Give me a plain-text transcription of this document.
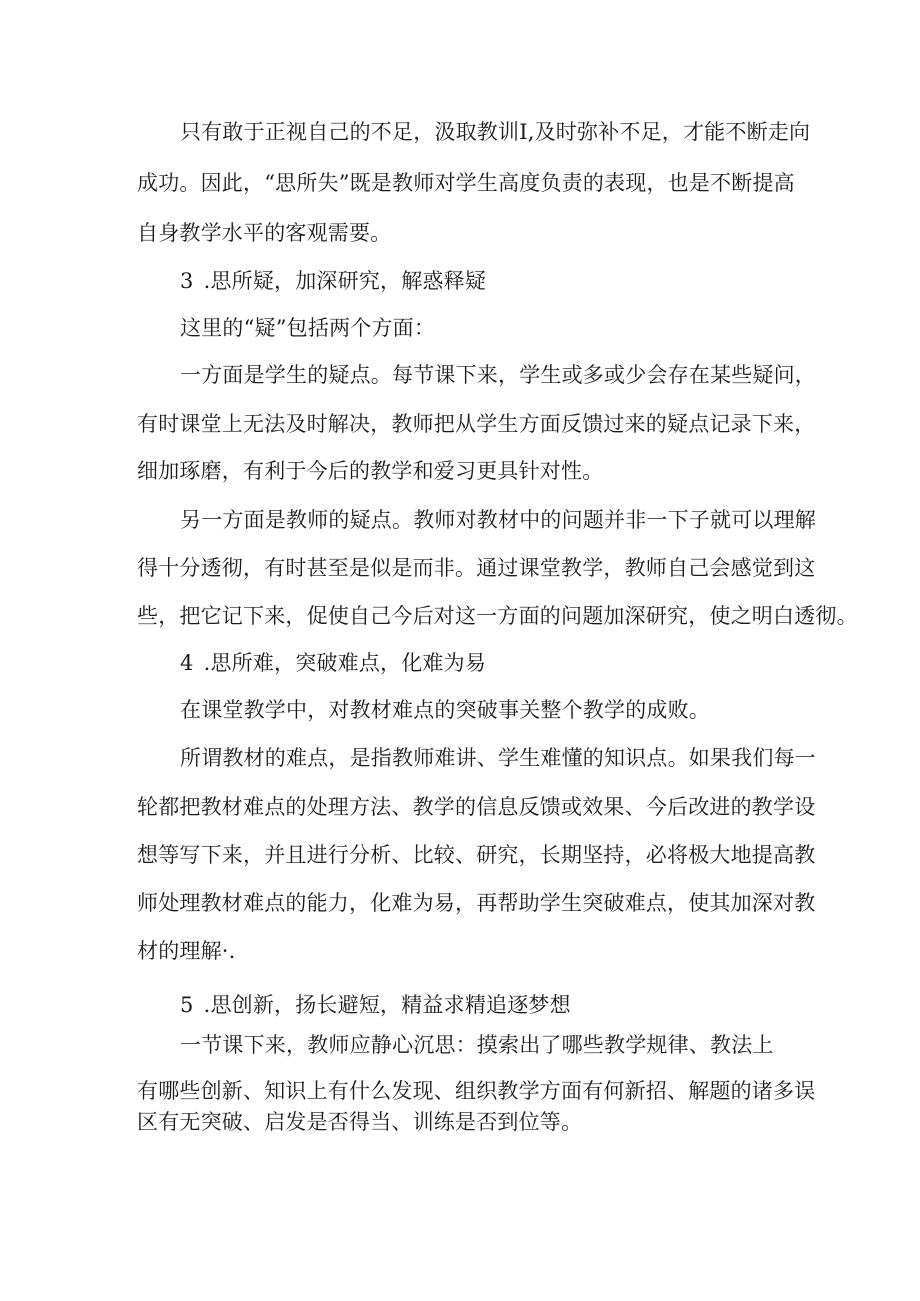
只有敢于正视自己的不足，汲取教训I,及时弥补不足，才能不断走向
成功。因此，“思所失”既是教师对学生高度负责的表现，也是不断提高
自身教学水平的客观需要。
3 .思所疑，加深研究，解惑释疑
这里的“疑”包括两个方面：
一方面是学生的疑点。每节课下来，学生或多或少会存在某些疑问，
有时课堂上无法及时解决，教师把从学生方面反馈过来的疑点记录下来，
细加琢磨，有利于今后的教学和爱习更具针对性。
另一方面是教师的疑点。教师对教材中的问题并非一下子就可以理解
得十分透彻，有时甚至是似是而非。通过课堂教学，教师自己会感觉到这
些，把它记下来，促使自己今后对这一方面的问题加深研究，使之明白透彻。
4 .思所难，突破难点，化难为易
在课堂教学中，对教材难点的突破事关整个教学的成败。
所谓教材的难点，是指教师难讲、学生难懂的知识点。如果我们每一
轮都把教材难点的处理方法、教学的信息反馈或效果、今后改进的教学设
想等写下来，并且进行分析、比较、研究，长期坚持，必将极大地提高教
师处理教材难点的能力，化难为易，再帮助学生突破难点，使其加深对教
材的理解·.
5 .思创新，扬长避短，精益求精追逐梦想
一节课下来，教师应静心沉思：摸索出了哪些教学规律、教法上
有哪些创新、知识上有什么发现、组织教学方面有何新招、解题的诸多误
区有无突破、启发是否得当、训练是否到位等。
